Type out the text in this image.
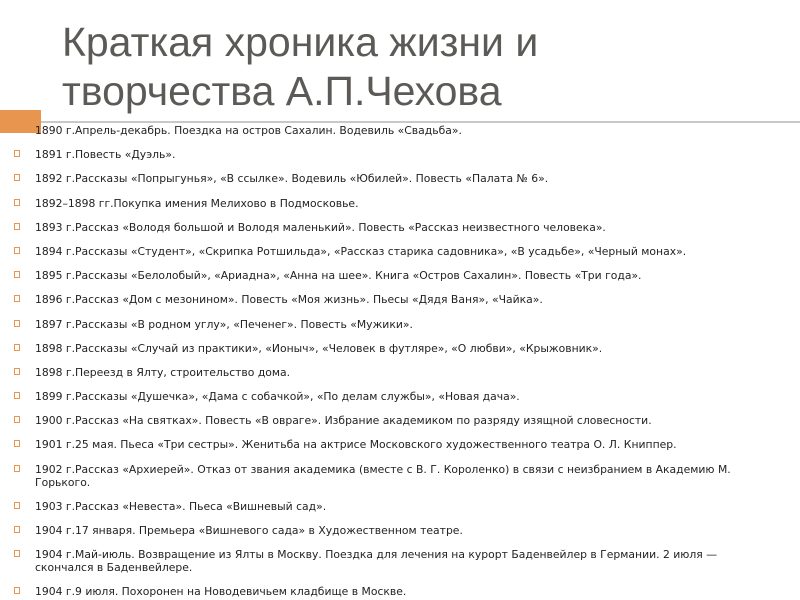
Краткая хроника жизни и
творчества А.П.Чехова
1890 г.Апрель-декабрь. Поездка на остров Сахалин. Водевиль «Свадьба».
1891 г.Повесть «Дуэль».
1892 г.Рассказы «Попрыгунья», «В ссылке». Водевиль «Юбилей». Повесть «Палата № 6».
1892–1898 гг.Покупка имения Мелихово в Подмосковье.
1893 г.Рассказ «Володя большой и Володя маленький». Повесть «Рассказ неизвестного человека».
1894 г.Рассказы «Студент», «Скрипка Ротшильда», «Рассказ старика садовника», «В усадьбе», «Черный монах».
1895 г.Рассказы «Белолобый», «Ариадна», «Анна на шее». Книга «Остров Сахалин». Повесть «Три года».
1896 г.Рассказ «Дом с мезонином». Повесть «Моя жизнь». Пьесы «Дядя Ваня», «Чайка».
1897 г.Рассказы «В родном углу», «Печенег». Повесть «Мужики».
1898 г.Рассказы «Случай из практики», «Ионыч», «Человек в футляре», «О любви», «Крыжовник».
1898 г.Переезд в Ялту, строительство дома.
1899 г.Рассказы «Душечка», «Дама с собачкой», «По делам службы», «Новая дача».
1900 г.Рассказ «На святках». Повесть «В овраге». Избрание академиком по разряду изящной словесности.
1901 г.25 мая. Пьеса «Три сестры». Женитьба на актрисе Московского художественного театра О. Л. Книппер.
1902 г.Рассказ «Архиерей». Отказ от звания академика (вместе с В. Г. Короленко) в связи с неизбранием в Академию М. Горького.
1903 г.Рассказ «Невеста». Пьеса «Вишневый сад».
1904 г.17 января. Премьера «Вишневого сада» в Художественном театре.
1904 г.Май-июль. Возвращение из Ялты в Москву. Поездка для лечения на курорт Баденвейлер в Германии. 2 июля — скончался в Баденвейлере.
1904 г.9 июля. Похоронен на Новодевичьем кладбище в Москве.
